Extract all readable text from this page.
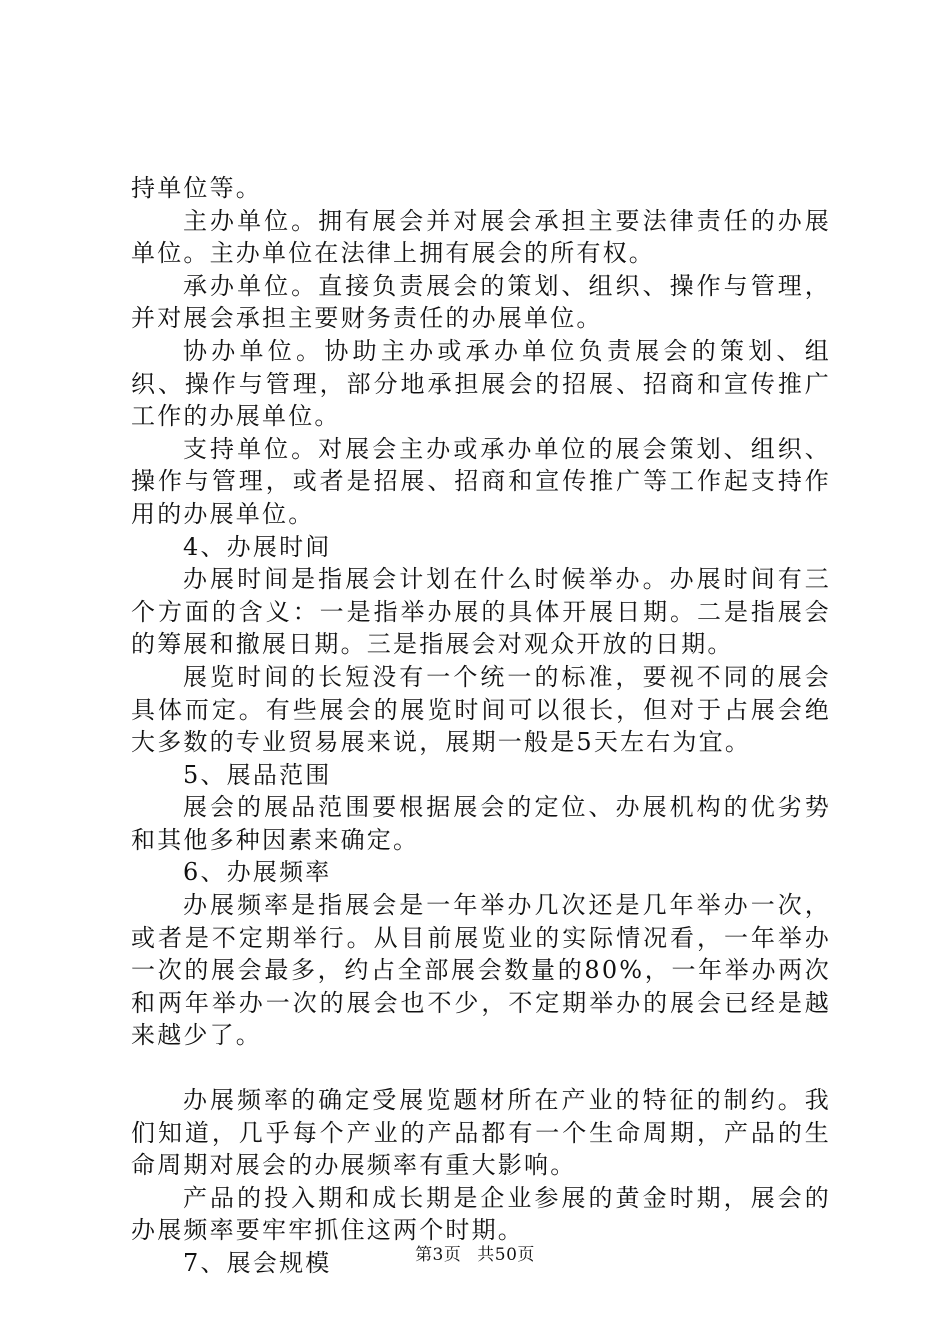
持单位等。

主办单位。拥有展会并对展会承担主要法律责任的办展单位。主办单位在法律上拥有展会的所有权。

承办单位。直接负责展会的策划、组织、操作与管理，并对展会承担主要财务责任的办展单位。

协办单位。协助主办或承办单位负责展会的策划、组织、操作与管理，部分地承担展会的招展、招商和宣传推广工作的办展单位。

支持单位。对展会主办或承办单位的展会策划、组织、操作与管理，或者是招展、招商和宣传推广等工作起支持作用的办展单位。

4、办展时间

办展时间是指展会计划在什么时候举办。办展时间有三个方面的含义：一是指举办展的具体开展日期。二是指展会的筹展和撤展日期。三是指展会对观众开放的日期。

展览时间的长短没有一个统一的标准，要视不同的展会具体而定。有些展会的展览时间可以很长，但对于占展会绝大多数的专业贸易展来说，展期一般是5天左右为宜。

5、展品范围

展会的展品范围要根据展会的定位、办展机构的优劣势和其他多种因素来确定。

6、办展频率

办展频率是指展会是一年举办几次还是几年举办一次，或者是不定期举行。从目前展览业的实际情况看，一年举办一次的展会最多，约占全部展会数量的80%，一年举办两次和两年举办一次的展会也不少，不定期举办的展会已经是越来越少了。

办展频率的确定受展览题材所在产业的特征的制约。我们知道，几乎每个产业的产品都有一个生命周期，产品的生命周期对展会的办展频率有重大影响。

产品的投入期和成长期是企业参展的黄金时期，展会的办展频率要牢牢抓住这两个时期。

7、展会规模	第3页 共50页
